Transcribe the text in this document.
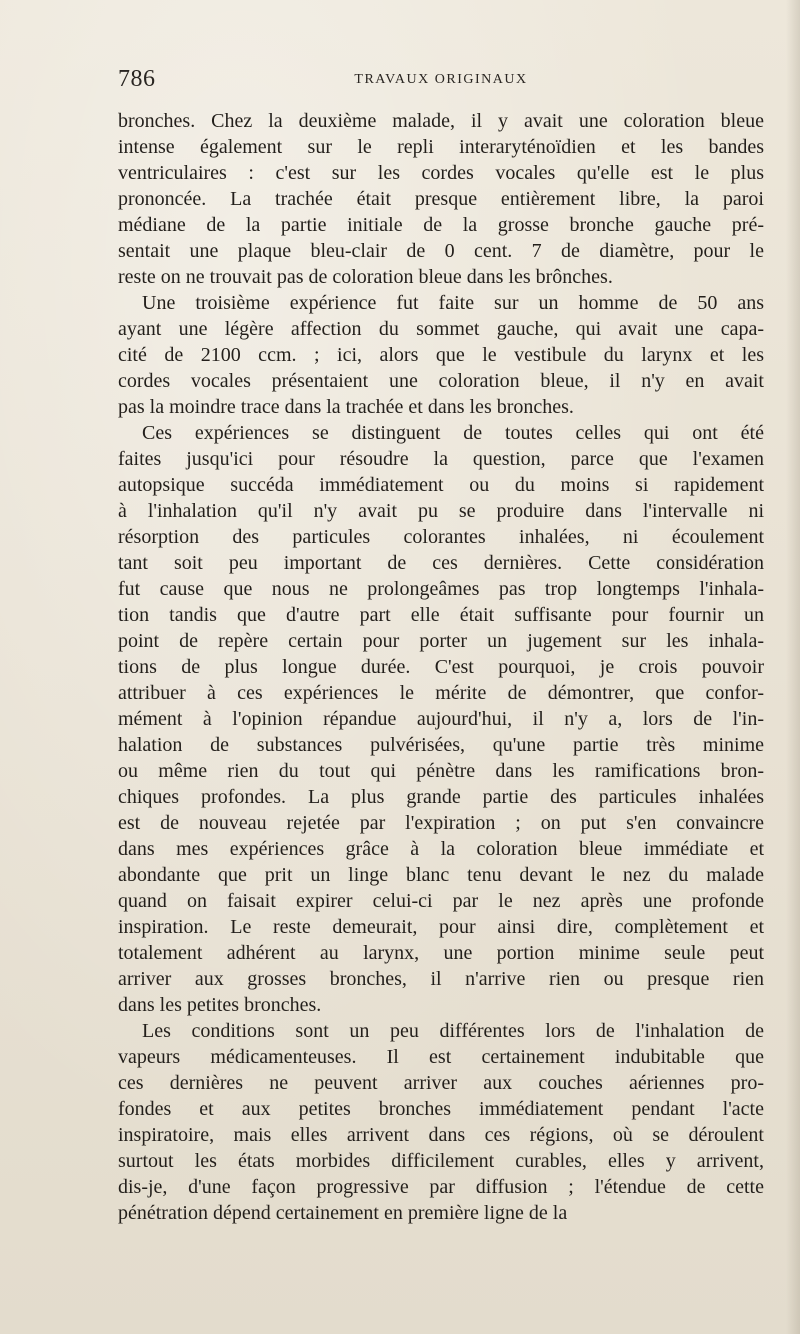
786	TRAVAUX ORIGINAUX
bronches. Chez la deuxième malade, il y avait une coloration bleue
intense également sur le repli interaryténoïdien et les bandes
ventriculaires : c'est sur les cordes vocales qu'elle est le plus
prononcée. La trachée était presque entièrement libre, la paroi
médiane de la partie initiale de la grosse bronche gauche pré-
sentait une plaque bleu-clair de 0 cent. 7 de diamètre, pour le
reste on ne trouvait pas de coloration bleue dans les brônches.
Une troisième expérience fut faite sur un homme de 50 ans
ayant une légère affection du sommet gauche, qui avait une capa-
cité de 2100 ccm. ; ici, alors que le vestibule du larynx et les
cordes vocales présentaient une coloration bleue, il n'y en avait
pas la moindre trace dans la trachée et dans les bronches.
Ces expériences se distinguent de toutes celles qui ont été
faites jusqu'ici pour résoudre la question, parce que l'examen
autopsique succéda immédiatement ou du moins si rapidement
à l'inhalation qu'il n'y avait pu se produire dans l'intervalle ni
résorption des particules colorantes inhalées, ni écoulement
tant soit peu important de ces dernières. Cette considération
fut cause que nous ne prolongeâmes pas trop longtemps l'inhala-
tion tandis que d'autre part elle était suffisante pour fournir un
point de repère certain pour porter un jugement sur les inhala-
tions de plus longue durée. C'est pourquoi, je crois pouvoir
attribuer à ces expériences le mérite de démontrer, que confor-
mément à l'opinion répandue aujourd'hui, il n'y a, lors de l'in-
halation de substances pulvérisées, qu'une partie très minime
ou même rien du tout qui pénètre dans les ramifications bron-
chiques profondes. La plus grande partie des particules inhalées
est de nouveau rejetée par l'expiration ; on put s'en convaincre
dans mes expériences grâce à la coloration bleue immédiate et
abondante que prit un linge blanc tenu devant le nez du malade
quand on faisait expirer celui-ci par le nez après une profonde
inspiration. Le reste demeurait, pour ainsi dire, complètement et
totalement adhérent au larynx, une portion minime seule peut
arriver aux grosses bronches, il n'arrive rien ou presque rien
dans les petites bronches.
Les conditions sont un peu différentes lors de l'inhalation de
vapeurs médicamenteuses. Il est certainement indubitable que
ces dernières ne peuvent arriver aux couches aériennes pro-
fondes et aux petites bronches immédiatement pendant l'acte
inspiratoire, mais elles arrivent dans ces régions, où se déroulent
surtout les états morbides difficilement curables, elles y arrivent,
dis-je, d'une façon progressive par diffusion ; l'étendue de cette
pénétration dépend certainement en première ligne de la
